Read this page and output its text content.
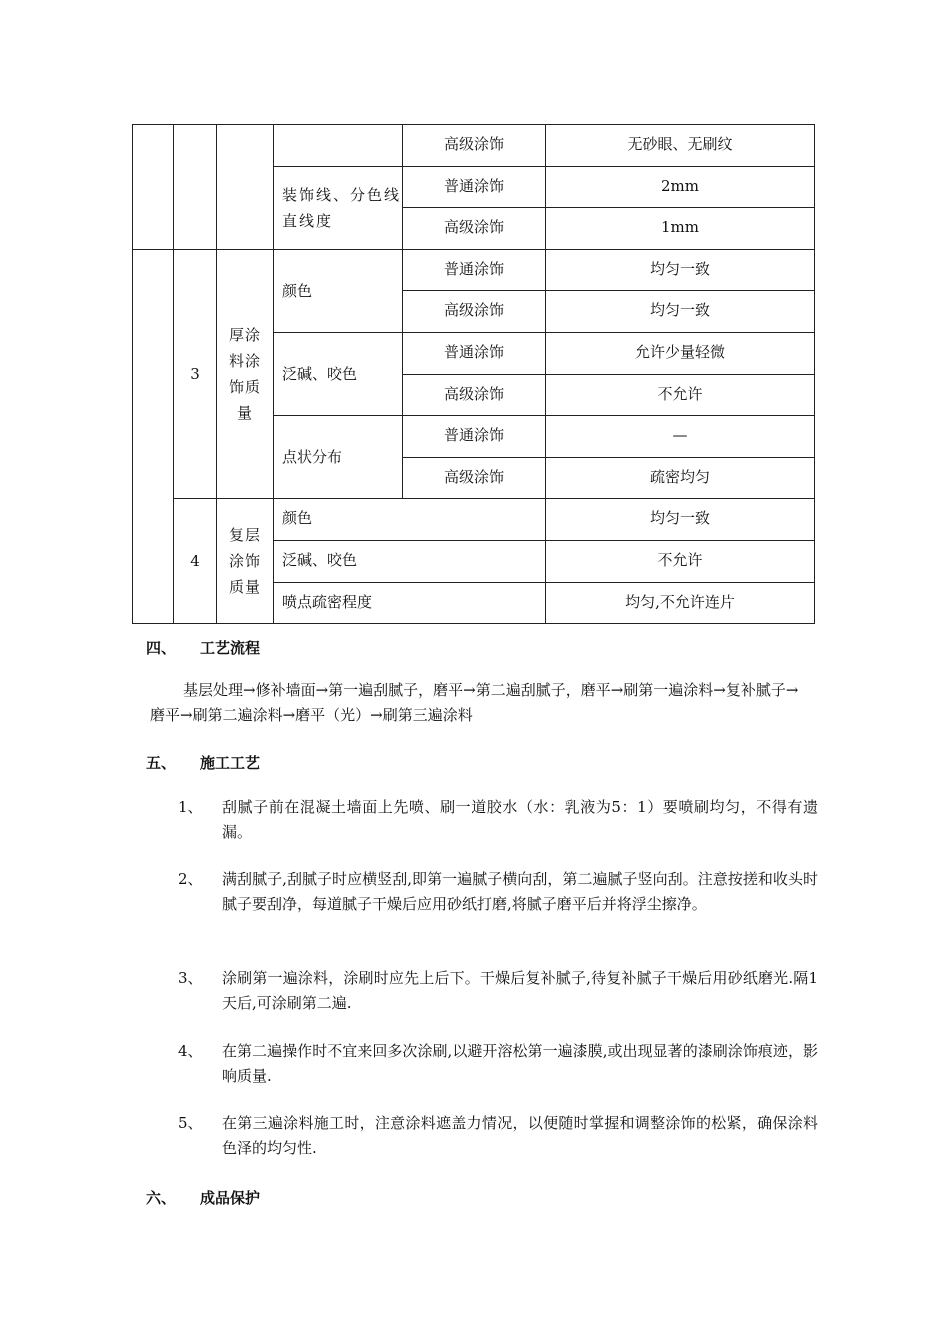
				高级涂饰	无砂眼、无刷纹
			装饰线、分色线直线度	普通涂饰	2mm
				高级涂饰	1mm
	3	厚涂料涂饰质量	颜色	普通涂饰	均匀一致
				高级涂饰	均匀一致
			泛碱、咬色	普通涂饰	允许少量轻微
				高级涂饰	不允许
			点状分布	普通涂饰	—
				高级涂饰	疏密均匀
	4	复层涂饰质量	颜色		均匀一致
			泛碱、咬色		不允许
			喷点疏密程度		均匀,不允许连片
四、 工艺流程
基层处理→修补墙面→第一遍刮腻子，磨平→第二遍刮腻子，磨平→刷第一遍涂料→复补腻子→磨平→刷第二遍涂料→磨平（光）→刷第三遍涂料
五、 施工工艺
1、	刮腻子前在混凝土墙面上先喷、刷一道胶水（水：乳液为5：1）要喷刷均匀，不得有遗漏。
2、	满刮腻子,刮腻子时应横竖刮,即第一遍腻子横向刮，第二遍腻子竖向刮。注意按搓和收头时腻子要刮净，每道腻子干燥后应用砂纸打磨,将腻子磨平后并将浮尘擦净。
3、	涂刷第一遍涂料，涂刷时应先上后下。干燥后复补腻子,待复补腻子干燥后用砂纸磨光.隔1天后,可涂刷第二遍.
4、	在第二遍操作时不宜来回多次涂刷,以避开溶松第一遍漆膜,或出现显著的漆刷涂饰痕迹，影响质量.
5、	在第三遍涂料施工时，注意涂料遮盖力情况，以便随时掌握和调整涂饰的松紧，确保涂料色泽的均匀性.
六、 成品保护
